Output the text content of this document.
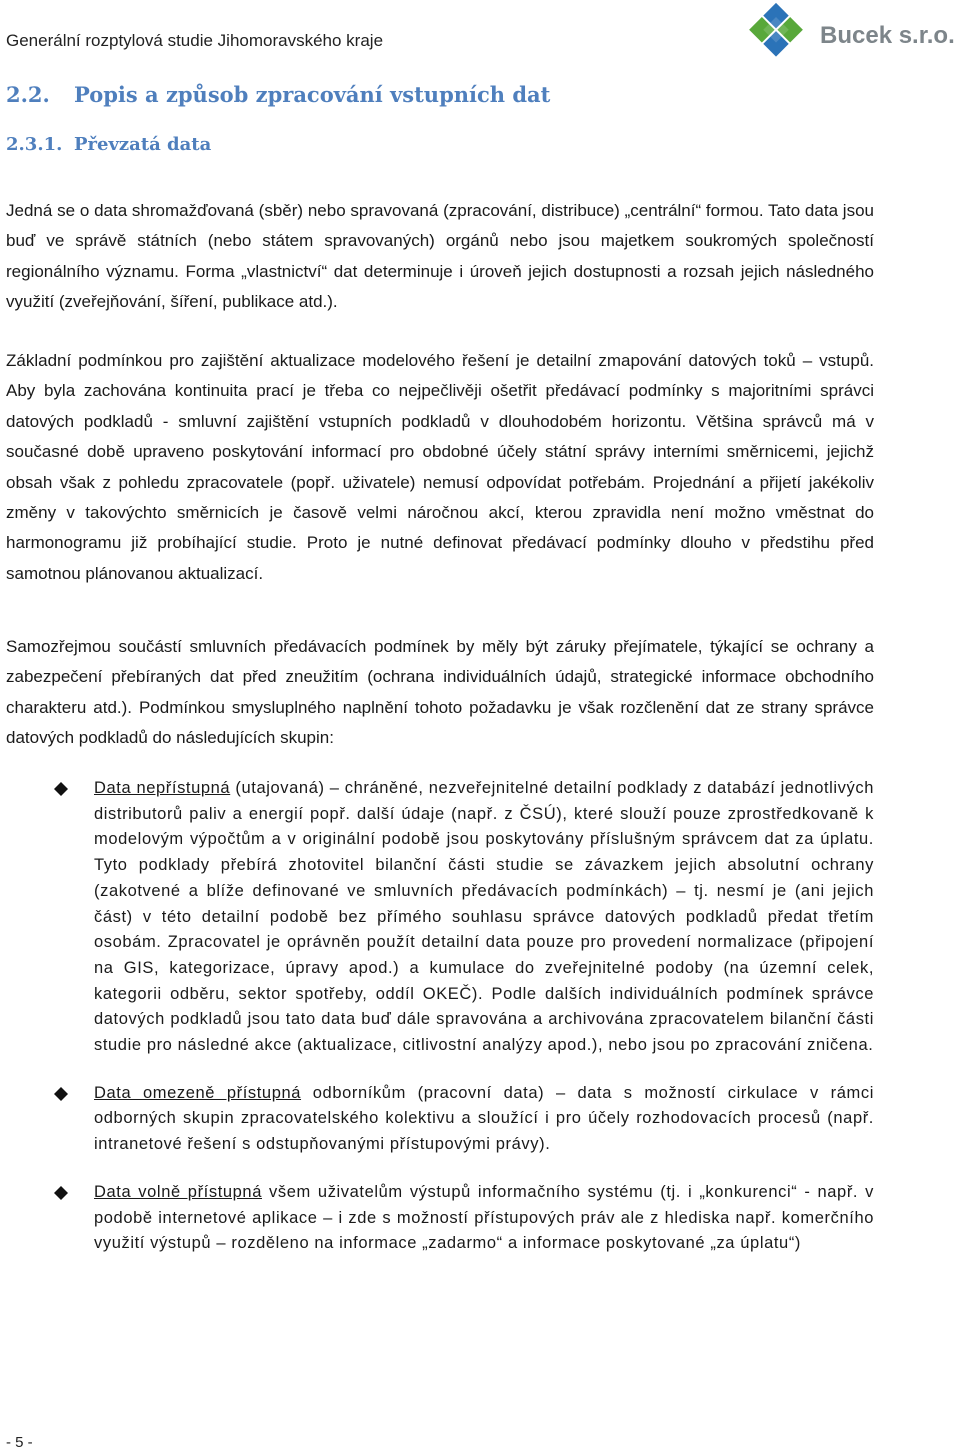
Generální rozptylová studie Jihomoravského kraje	Bucek s.r.o.
2.2. Popis a způsob zpracování vstupních dat
2.3.1. Převzatá data

Jedná se o data shromažďovaná (sběr) nebo spravovaná (zpracování, distribuce) „centrální“ formou. Tato data jsou buď ve správě státních (nebo státem spravovaných) orgánů nebo jsou majetkem soukromých společností regionálního významu. Forma „vlastnictví“ dat determinuje i úroveň jejich dostupnosti a rozsah jejich následného využití (zveřejňování, šíření, publikace atd.).

Základní podmínkou pro zajištění aktualizace modelového řešení je detailní zmapování datových toků – vstupů. Aby byla zachována kontinuita prací je třeba co nejpečlivěji ošetřit předávací podmínky s majoritními správci datových podkladů - smluvní zajištění vstupních podkladů v dlouhodobém horizontu. Většina správců má v současné době upraveno poskytování informací pro obdobné účely státní správy interními směrnicemi, jejichž obsah však z pohledu zpracovatele (popř. uživatele) nemusí odpovídat potřebám. Projednání a přijetí jakékoliv změny v takovýchto směrnicích je časově velmi náročnou akcí, kterou zpravidla není možno vměstnat do harmonogramu již probíhající studie. Proto je nutné definovat předávací podmínky dlouho v předstihu před samotnou plánovanou aktualizací.

Samozřejmou součástí smluvních předávacích podmínek by měly být záruky přejímatele, týkající se ochrany a zabezpečení přebíraných dat před zneužitím (ochrana individuálních údajů, strategické informace obchodního charakteru atd.). Podmínkou smysluplného naplnění tohoto požadavku je však rozčlenění dat ze strany správce datových podkladů do následujících skupin:

Data nepřístupná (utajovaná) – chráněné, nezveřejnitelné detailní podklady z databází jednotlivých distributorů paliv a energií popř. další údaje (např. z ČSÚ), které slouží pouze zprostředkovaně k modelovým výpočtům a v originální podobě jsou poskytovány příslušným správcem dat za úplatu. Tyto podklady přebírá zhotovitel bilanční části studie se závazkem jejich absolutní ochrany (zakotvené a blíže definované ve smluvních předávacích podmínkách) – tj. nesmí je (ani jejich část) v této detailní podobě bez přímého souhlasu správce datových podkladů předat třetím osobám. Zpracovatel je oprávněn použít detailní data pouze pro provedení normalizace (připojení na GIS, kategorizace, úpravy apod.) a kumulace do zveřejnitelné podoby (na územní celek, kategorii odběru, sektor spotřeby, oddíl OKEČ). Podle dalších individuálních podmínek správce datových podkladů jsou tato data buď dále spravována a archivována zpracovatelem bilanční části studie pro následné akce (aktualizace, citlivostní analýzy apod.), nebo jsou po zpracování zničena.
Data omezeně přístupná odborníkům (pracovní data) – data s možností cirkulace v rámci odborných skupin zpracovatelského kolektivu a sloužící i pro účely rozhodovacích procesů (např. intranetové řešení s odstupňovanými přístupovými právy).
Data volně přístupná všem uživatelům výstupů informačního systému (tj. i „konkurenci“ - např. v podobě internetové aplikace – i zde s možností přístupových práv ale z hlediska např. komerčního využití výstupů – rozděleno na informace „zadarmo“ a informace poskytované „za úplatu“)
- 5 -
